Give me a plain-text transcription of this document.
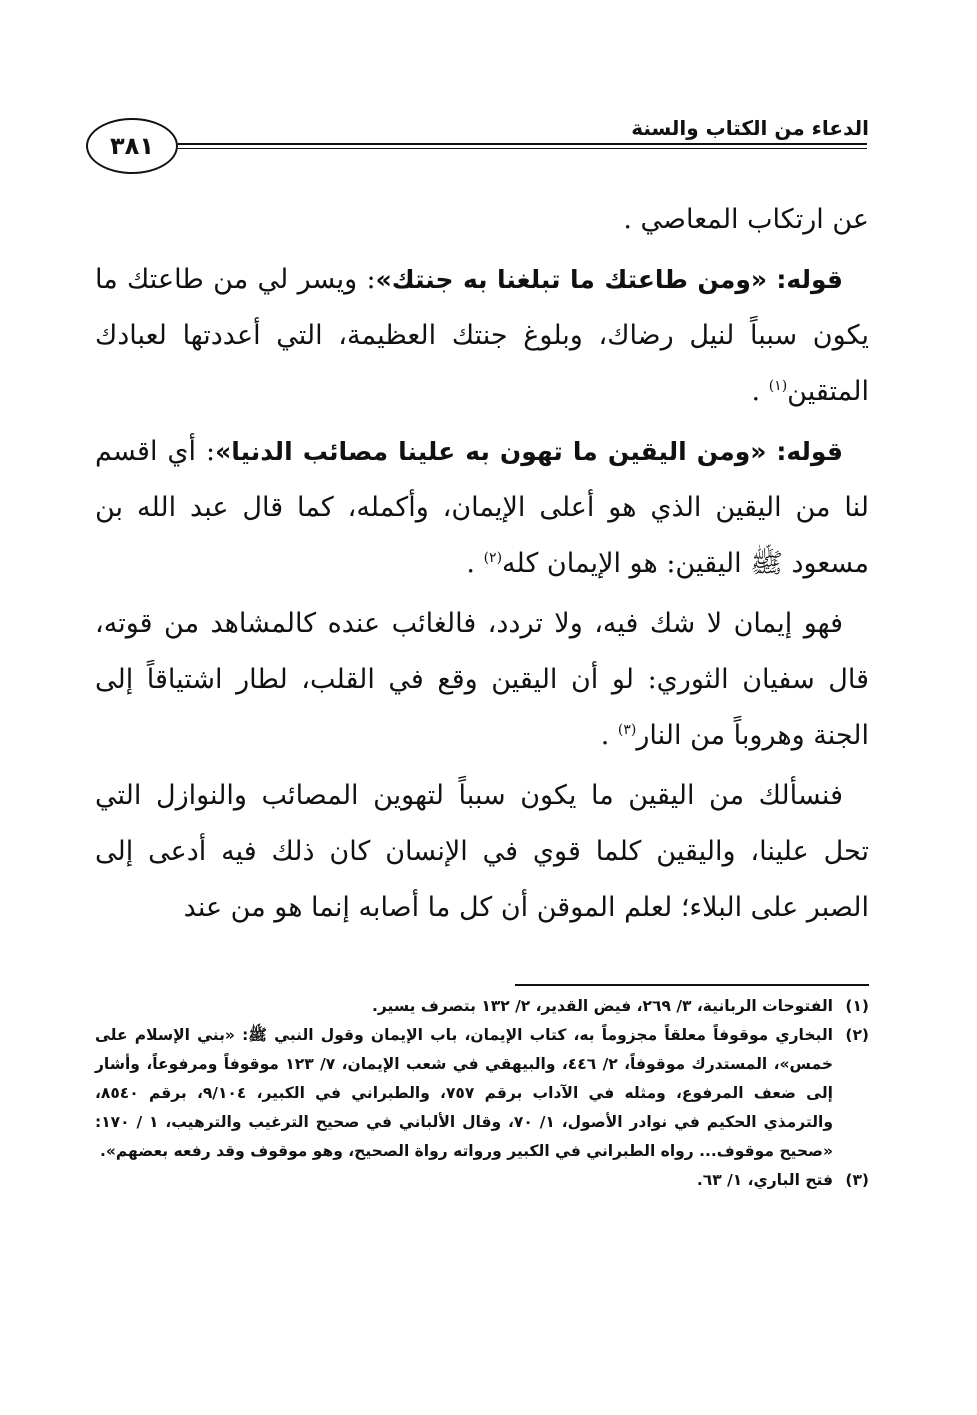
الدعاء من الكتاب والسنة
٣٨١

عن ارتكاب المعاصي .

قوله: «ومن طاعتك ما تبلغنا به جنتك»: ويسر لي من طاعتك ما يكون سبباً لنيل رضاك، وبلوغ جنتك العظيمة، التي أعددتها لعبادك المتقين$^{(١)}$ .

قوله: «ومن اليقين ما تهون به علينا مصائب الدنيا»: أي اقسم لنا من اليقين الذي هو أعلى الإيمان، وأكمله، كما قال عبد الله بن مسعود ﷺ اليقين: هو الإيمان كله$^{(٢)}$ .

فهو إيمان لا شك فيه، ولا تردد، فالغائب عنده كالمشاهد من قوته، قال سفيان الثوري: لو أن اليقين وقع في القلب، لطار اشتياقاً إلى الجنة وهروباً من النار$^{(٣)}$ .

فنسألك من اليقين ما يكون سبباً لتهوين المصائب والنوازل التي تحل علينا، واليقين كلما قوي في الإنسان كان ذلك فيه أدعى إلى الصبر على البلاء؛ لعلم الموقن أن كل ما أصابه إنما هو من عند

(١)
الفتوحات الربانية، ٣/ ٢٦٩، فيض القدير، ٢/ ١٣٢ بتصرف يسير.
(٢)
البخاري موقوفاً معلقاً مجزوماً به، كتاب الإيمان، باب الإيمان وقول النبي ﷺ: «بني الإسلام على خمس»، المستدرك موقوفاً، ٢/ ٤٤٦، والبيهقي في شعب الإيمان، ٧/ ١٢٣ موقوفاً ومرفوعاً، وأشار إلى ضعف المرفوع، ومثله في الآداب برقم ٧٥٧، والطبراني في الكبير، ٩/١٠٤، برقم ٨٥٤٠، والترمذي الحكيم في نوادر الأصول، ١/ ٧٠، وقال الألباني في صحيح الترغيب والترهيب، ١ / ١٧٠: «صحيح موقوف... رواه الطبراني في الكبير ورواته رواة الصحيح، وهو موقوف وقد رفعه بعضهم».
(٣)
فتح الباري، ١/ ٦٣.
